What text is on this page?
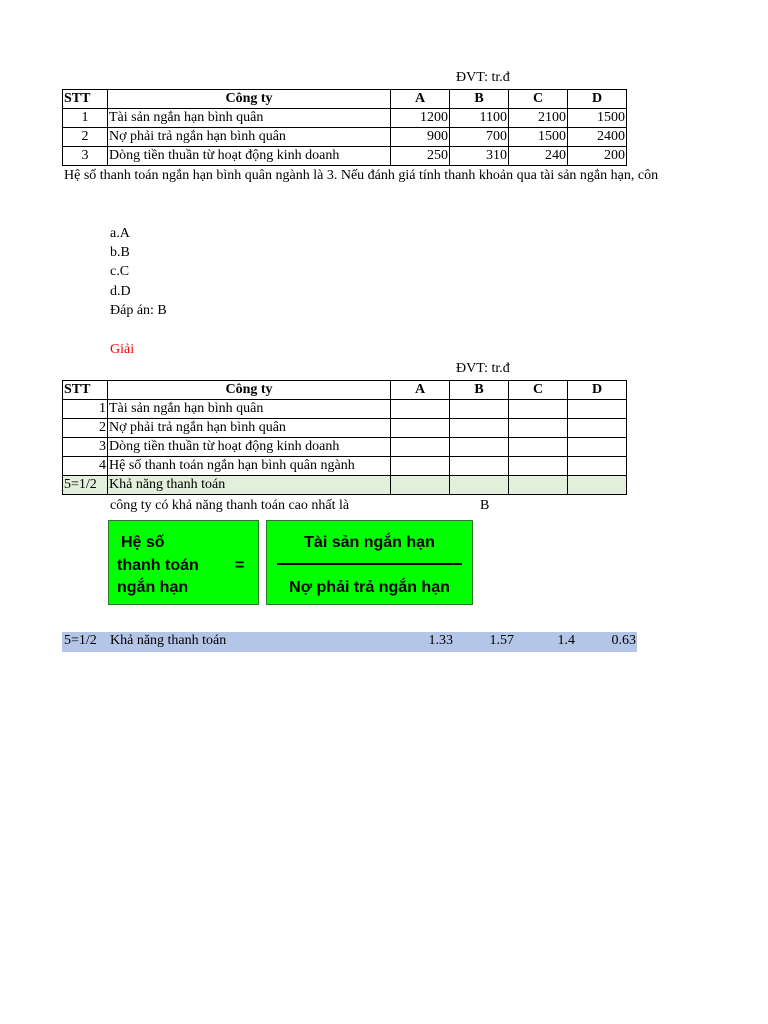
ĐVT: tr.đ
STT	Công ty	A	B	C	D
1	Tài sản ngắn hạn bình quân	1200	1100	2100	1500
2	Nợ phải trả ngắn hạn bình quân	900	700	1500	2400
3	Dòng tiền thuần từ hoạt động kinh doanh	250	310	240	200
Hệ số thanh toán ngắn hạn bình quân ngành là 3. Nếu đánh giá tính thanh khoản qua tài sản ngắn hạn, côn
a.A
b.B
c.C
d.D
Đáp án: B
Giải
ĐVT: tr.đ
STT	Công ty	A	B	C	D
1	Tài sản ngắn hạn bình quân				
2	Nợ phải trả ngắn hạn bình quân				
3	Dòng tiền thuần từ hoạt động kinh doanh				
4	Hệ số thanh toán ngắn hạn bình quân ngành				
5=1/2	Khả năng thanh toán				
công ty có khả năng thanh toán cao nhất là	B
Hệ số
thanh toán =
ngắn hạn
Tài sản ngắn hạn
Nợ phải trả ngắn hạn
5=1/2 Khả năng thanh toán	1.33	1.57	1.4	0.63
